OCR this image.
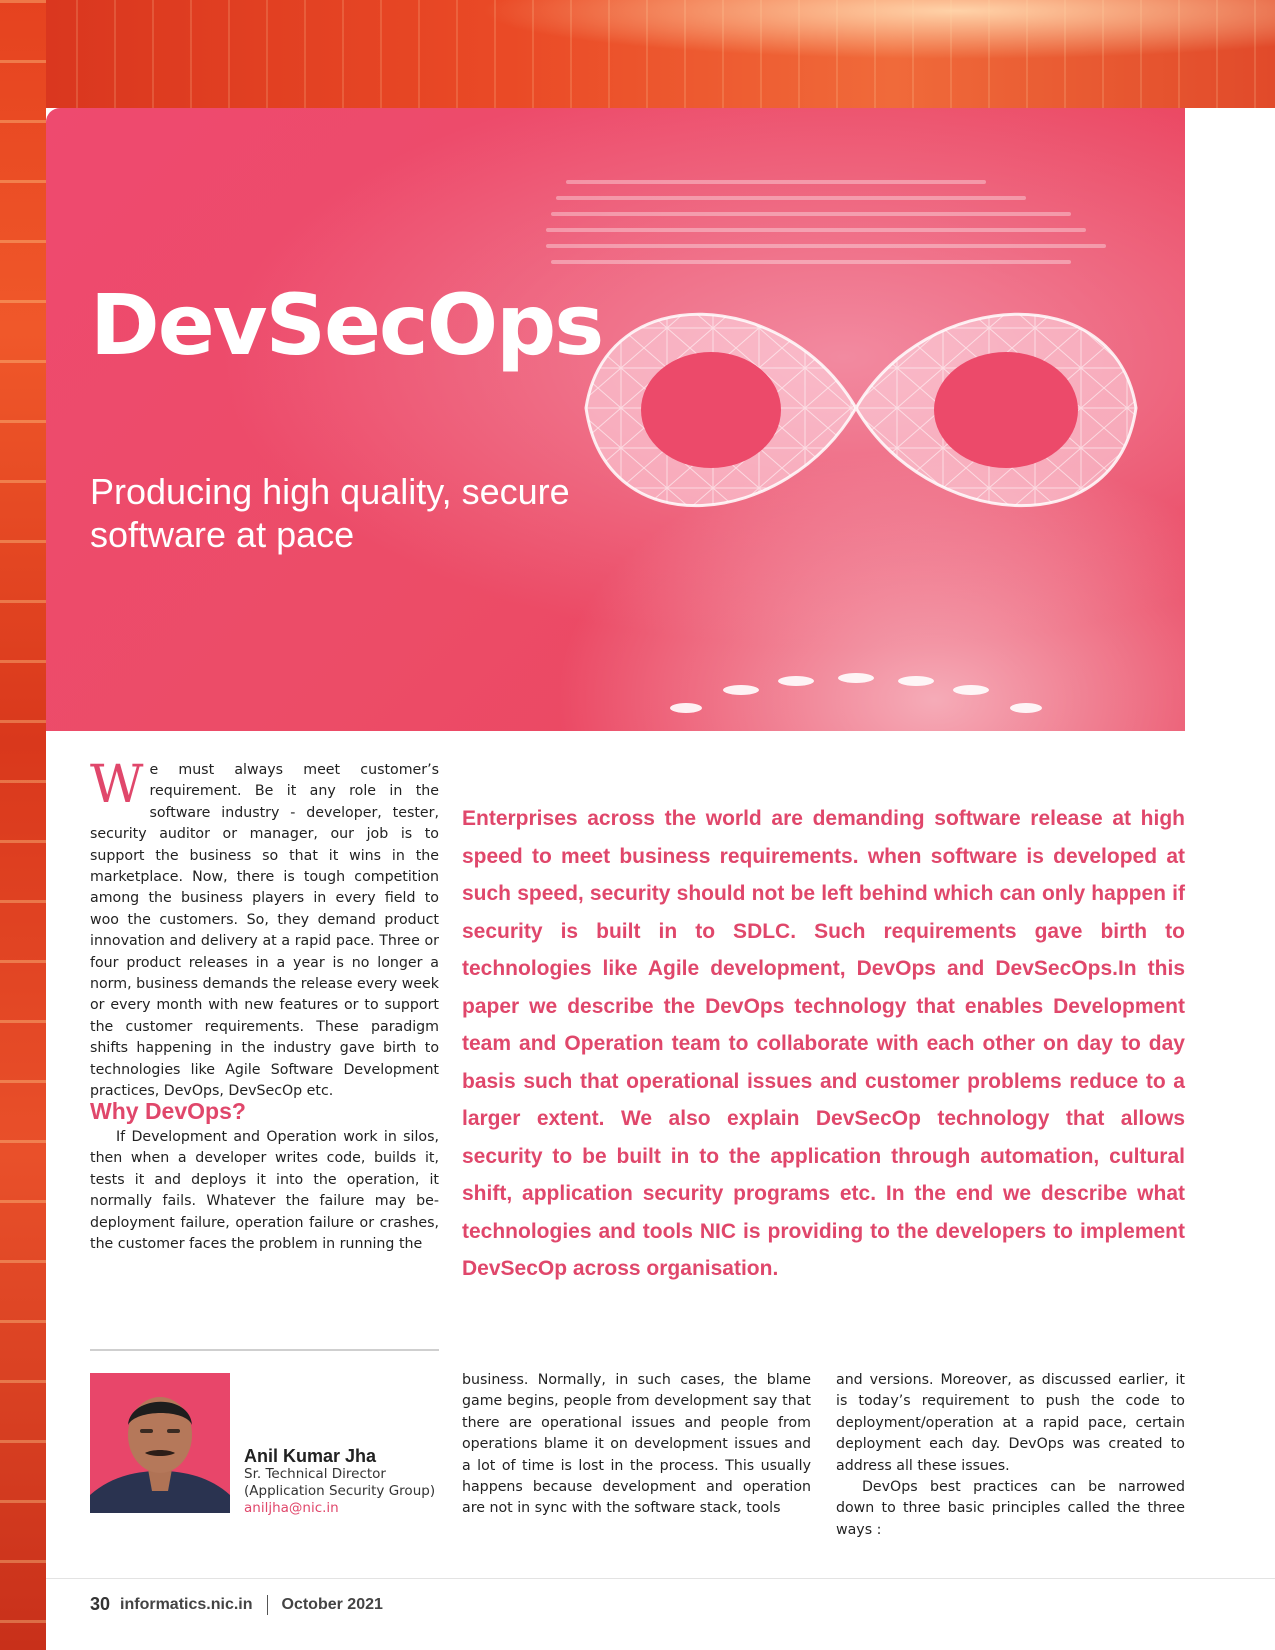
DevSecOps
Producing high quality, secure
software at pace
W e must always meet customer’s requirement. Be it any role in the software industry - developer, tester, security auditor or manager, our job is to support the business so that it wins in the marketplace. Now, there is tough competition among the business players in every field to woo the customers. So, they demand product innovation and delivery at a rapid pace. Three or four product releases in a year is no longer a norm, business demands the release every week or every month with new features or to support the customer requirements. These paradigm shifts happening in the industry gave birth to technologies like Agile Software Development practices, DevOps, DevSecOp etc.

Why DevOps?

If Development and Operation work in silos, then when a developer writes code, builds it, tests it and deploys it into the operation, it normally fails. Whatever the failure may be- deployment failure, operation failure or crashes, the customer faces the problem in running the

Enterprises across the world are demanding software release at high speed to meet business requirements. when software is developed at such speed, security should not be left behind which can only happen if security is built in to SDLC. Such requirements gave birth to technologies like Agile development, DevOps and DevSecOps.In this paper we describe the DevOps technology that enables Development team and Operation team to collaborate with each other on day to day basis such that operational issues and customer problems reduce to a larger extent. We also explain DevSecOp technology that allows security to be built in to the application through automation, cultural shift, application security programs etc. In the end we describe what technologies and tools NIC is providing to the developers to implement DevSecOp across organisation.

Anil Kumar Jha
Sr. Technical Director
(Application Security Group)
aniljha@nic.in

business. Normally, in such cases, the blame game begins, people from development say that there are operational issues and people from operations blame it on development issues and a lot of time is lost in the process. This usually happens because development and operation are not in sync with the software stack, tools

and versions. Moreover, as discussed earlier, it is today’s requirement to push the code to deployment/operation at a rapid pace, certain deployment each day. DevOps was created to address all these issues.

DevOps best practices can be narrowed down to three basic principles called the three ways :

30 informatics.nic.in October 2021
